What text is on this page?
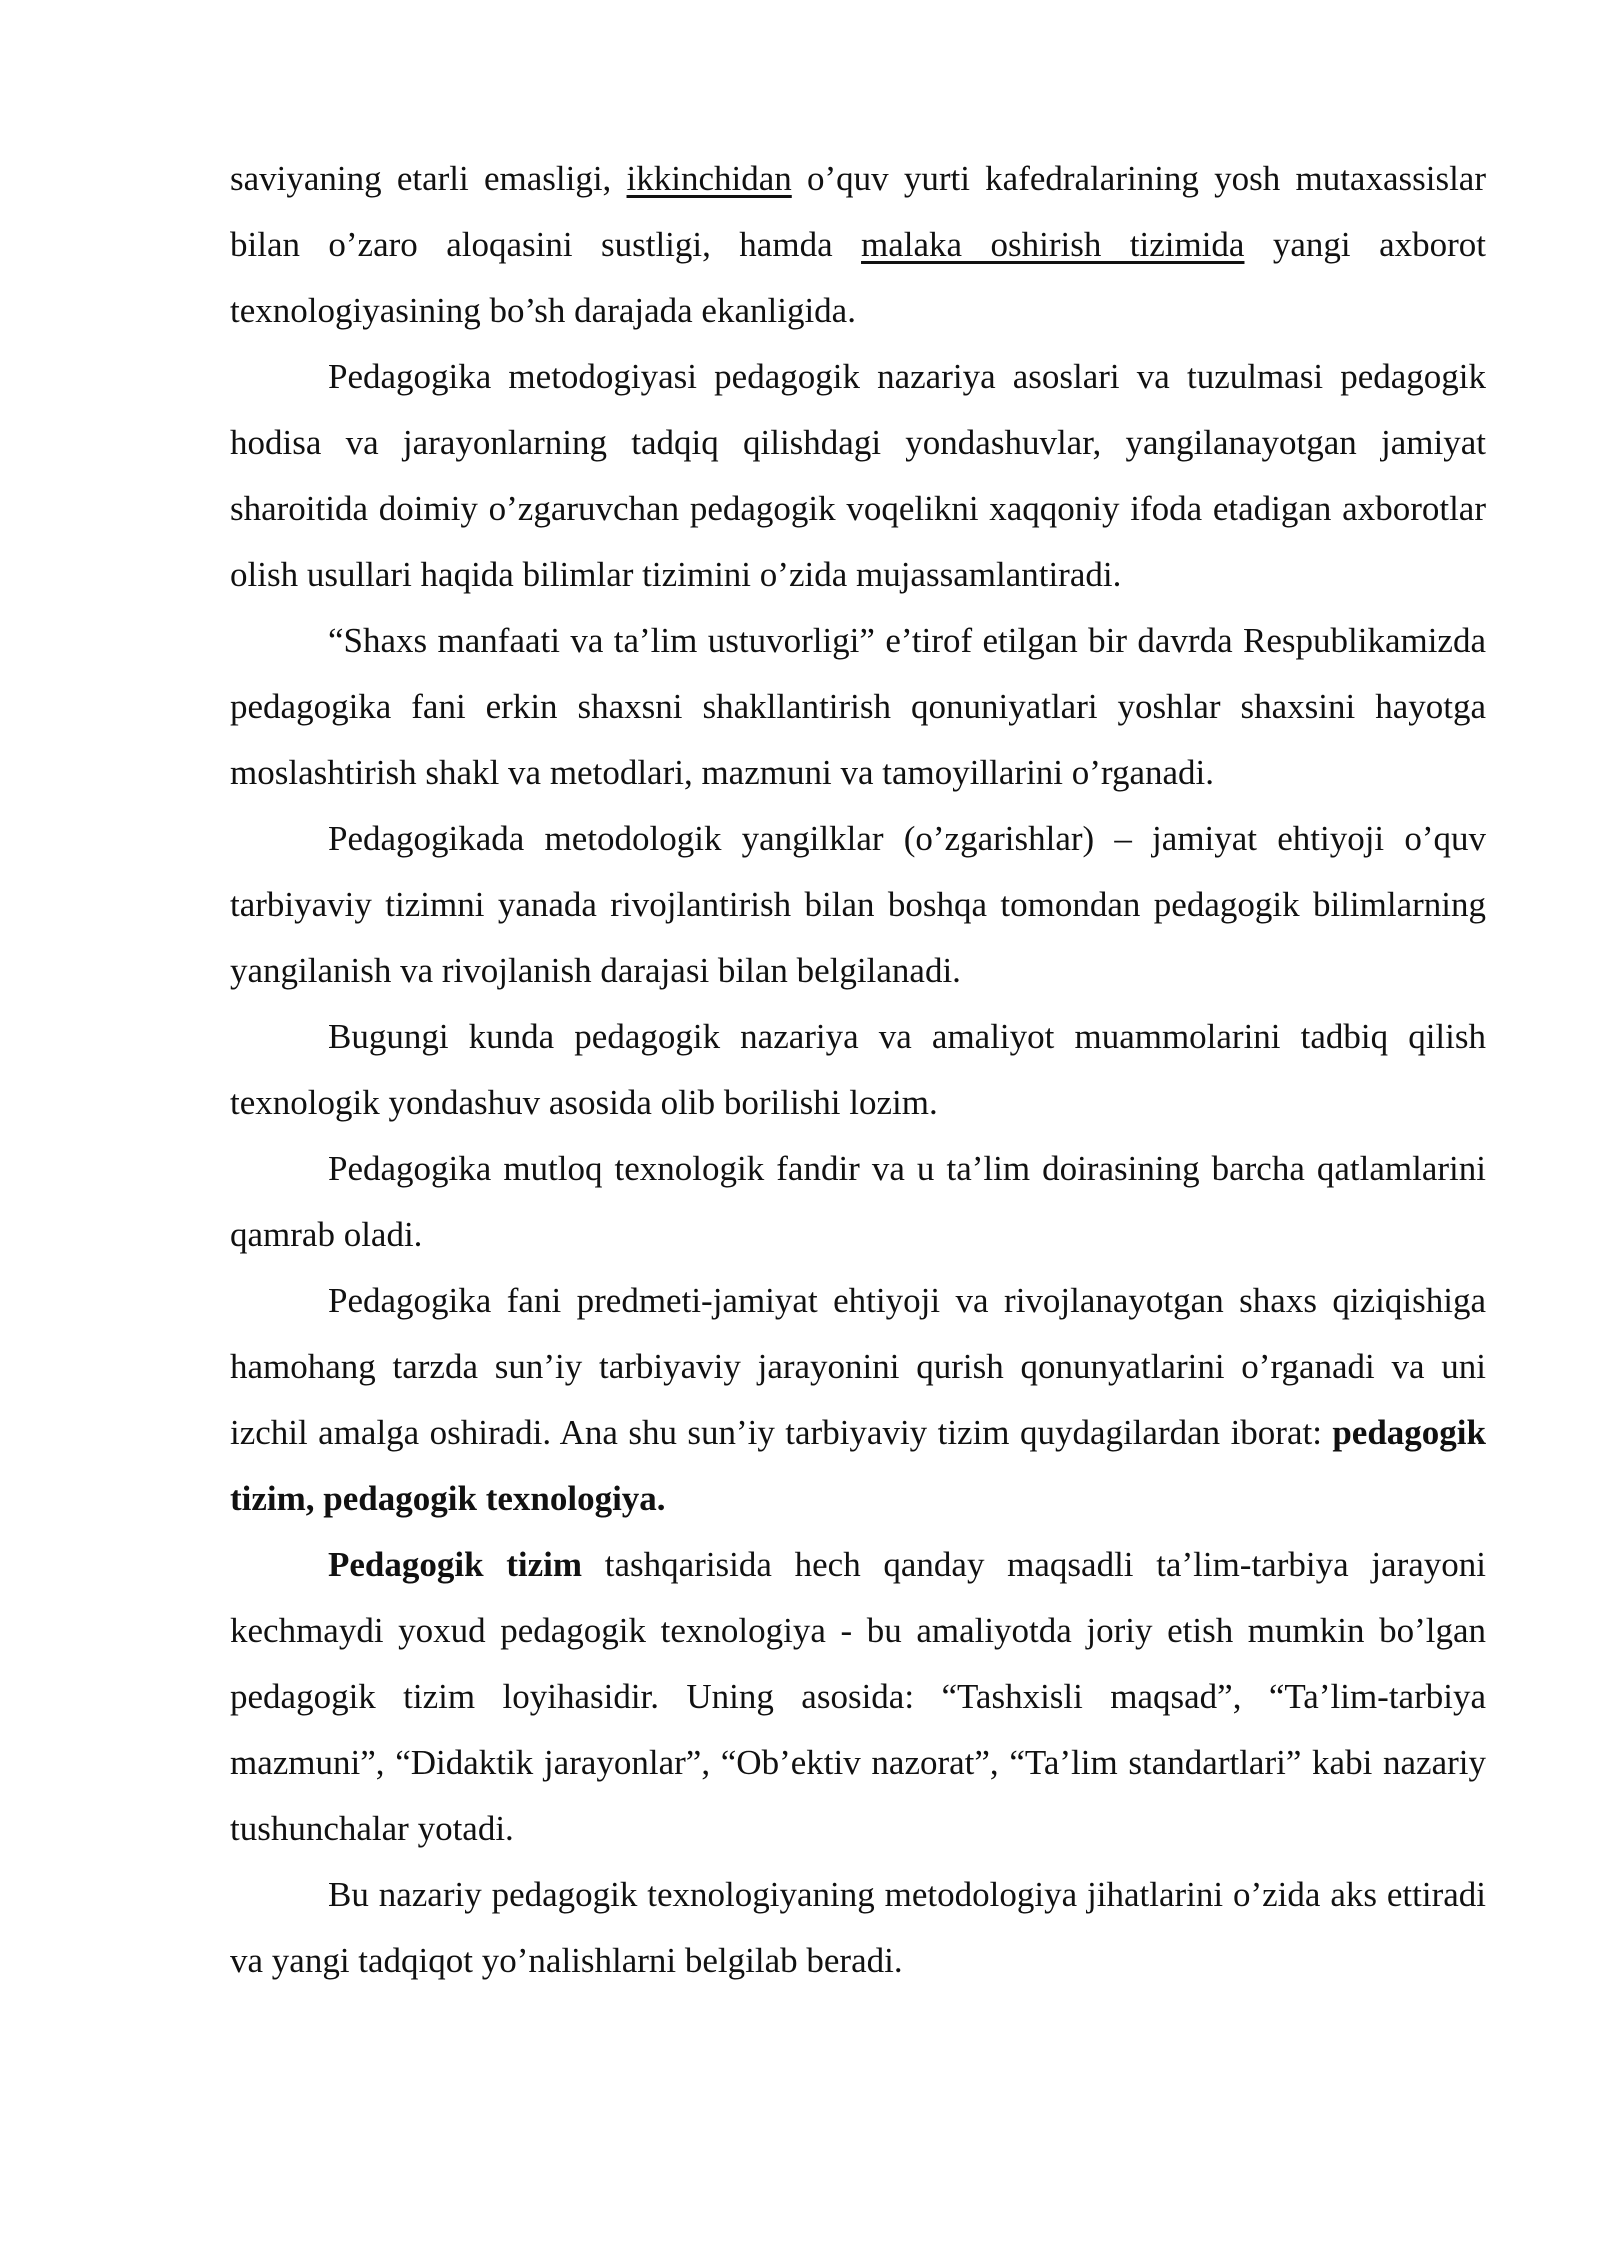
saviyaning etarli emasligi, ikkinchidan o’quv yurti kafedralarining yosh mutaxassislar bilan o’zaro aloqasini sustligi, hamda malaka oshirish tizimida yangi axborot texnologiyasining bo’sh darajada ekanligida.

Pedagogika metodogiyasi pedagogik nazariya asoslari va tuzulmasi pedagogik hodisa va jarayonlarning tadqiq qilishdagi yondashuvlar, yangilanayotgan jamiyat sharoitida doimiy o’zgaruvchan pedagogik voqelikni xaqqoniy ifoda etadigan axborotlar olish usullari haqida bilimlar tizimini o’zida mujassamlantiradi.

“Shaxs manfaati va ta’lim ustuvorligi” e’tirof etilgan bir davrda Respublikamizda pedagogika fani erkin shaxsni shakllantirish qonuniyatlari yoshlar shaxsini hayotga moslashtirish shakl va metodlari, mazmuni va tamoyillarini o’rganadi.

Pedagogikada metodologik yangilklar (o’zgarishlar) – jamiyat ehtiyoji o’quv tarbiyaviy tizimni yanada rivojlantirish bilan boshqa tomondan pedagogik bilimlarning yangilanish va rivojlanish darajasi bilan belgilanadi.

Bugungi kunda pedagogik nazariya va amaliyot muammolarini tadbiq qilish texnologik yondashuv asosida olib borilishi lozim.

Pedagogika mutloq texnologik fandir va u ta’lim doirasining barcha qatlamlarini qamrab oladi.

Pedagogika fani predmeti-jamiyat ehtiyoji va rivojlanayotgan shaxs qiziqishiga hamohang tarzda sun’iy tarbiyaviy jarayonini qurish qonunyatlarini o’rganadi va uni izchil amalga oshiradi. Ana shu sun’iy tarbiyaviy tizim quydagilardan iborat: pedagogik tizim, pedagogik texnologiya.

Pedagogik tizim tashqarisida hech qanday maqsadli ta’lim-tarbiya jarayoni kechmaydi yoxud pedagogik texnologiya - bu amaliyotda joriy etish mumkin bo’lgan pedagogik tizim loyihasidir. Uning asosida: “Tashxisli maqsad”, “Ta’lim-tarbiya mazmuni”, “Didaktik jarayonlar”, “Ob’ektiv nazorat”, “Ta’lim standartlari” kabi nazariy tushunchalar yotadi.

Bu nazariy pedagogik texnologiyaning metodologiya jihatlarini o’zida aks ettiradi va yangi tadqiqot yo’nalishlarni belgilab beradi.
